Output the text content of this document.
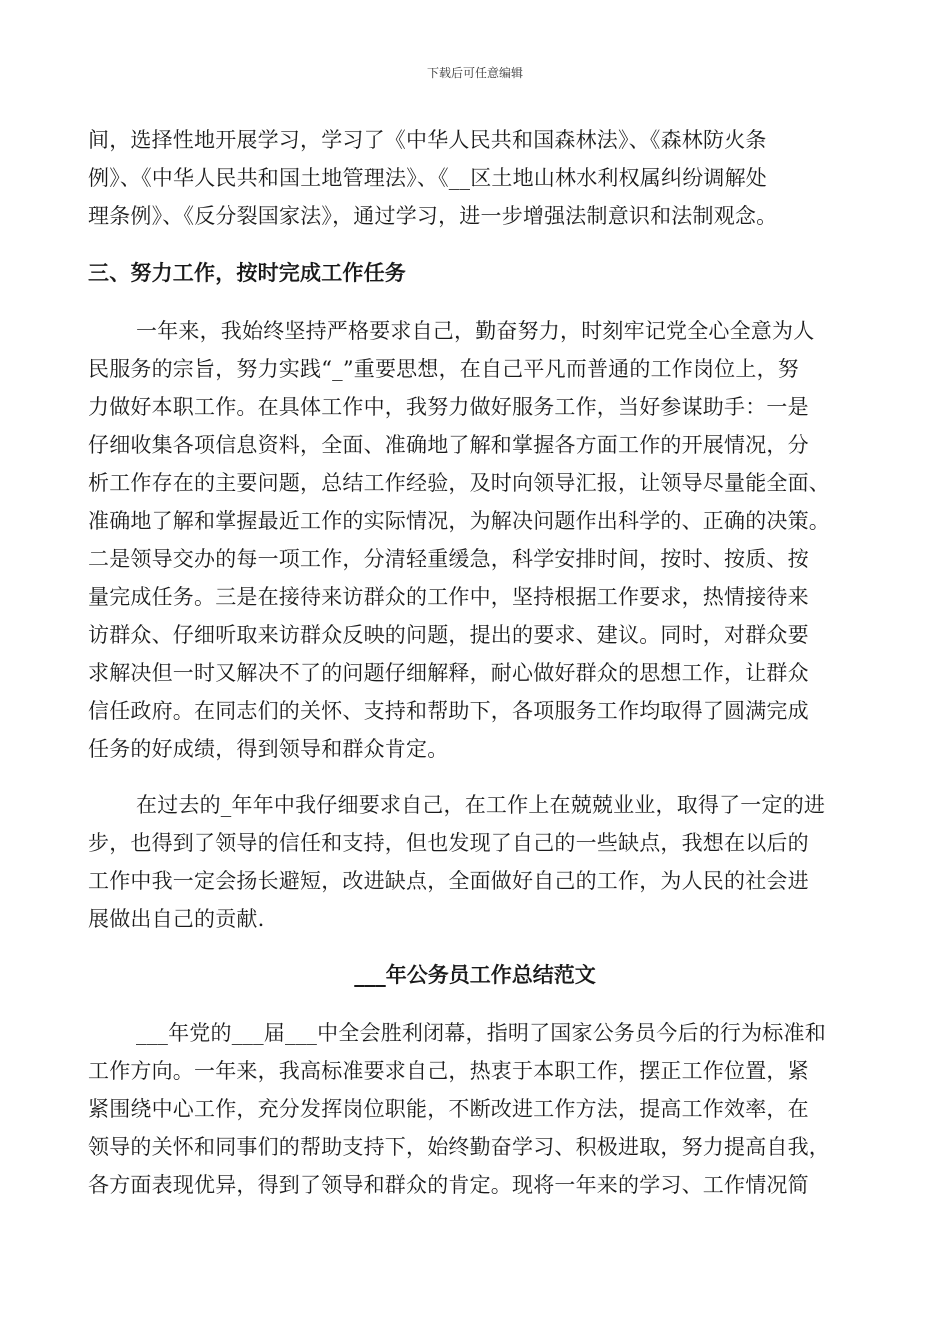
下载后可任意编辑
间，选择性地开展学习，学习了《中华人民共和国森林法》、《森林防火条
例》、《中华人民共和国土地管理法》、《__区土地山林水利权属纠纷调解处
理条例》、《反分裂国家法》，通过学习，进一步增强法制意识和法制观念。
三、努力工作，按时完成工作任务
一年来，我始终坚持严格要求自己，勤奋努力，时刻牢记党全心全意为人
民服务的宗旨，努力实践“_”重要思想，在自己平凡而普通的工作岗位上，努
力做好本职工作。在具体工作中，我努力做好服务工作，当好参谋助手：一是
仔细收集各项信息资料，全面、准确地了解和掌握各方面工作的开展情况，分
析工作存在的主要问题，总结工作经验，及时向领导汇报，让领导尽量能全面、
准确地了解和掌握最近工作的实际情况，为解决问题作出科学的、正确的决策。
二是领导交办的每一项工作，分清轻重缓急，科学安排时间，按时、按质、按
量完成任务。三是在接待来访群众的工作中，坚持根据工作要求，热情接待来
访群众、仔细听取来访群众反映的问题，提出的要求、建议。同时，对群众要
求解决但一时又解决不了的问题仔细解释，耐心做好群众的思想工作，让群众
信任政府。在同志们的关怀、支持和帮助下，各项服务工作均取得了圆满完成
任务的好成绩，得到领导和群众肯定。
在过去的_年年中我仔细要求自己，在工作上在兢兢业业，取得了一定的进
步，也得到了领导的信任和支持，但也发现了自己的一些缺点，我想在以后的
工作中我一定会扬长避短，改进缺点，全面做好自己的工作，为人民的社会进
展做出自己的贡献.
___年公务员工作总结范文
___年党的___届___中全会胜利闭幕，指明了国家公务员今后的行为标准和
工作方向。一年来，我高标准要求自己，热衷于本职工作，摆正工作位置，紧
紧围绕中心工作，充分发挥岗位职能，不断改进工作方法，提高工作效率，在
领导的关怀和同事们的帮助支持下，始终勤奋学习、积极进取，努力提高自我，
各方面表现优异，得到了领导和群众的肯定。现将一年来的学习、工作情况简
